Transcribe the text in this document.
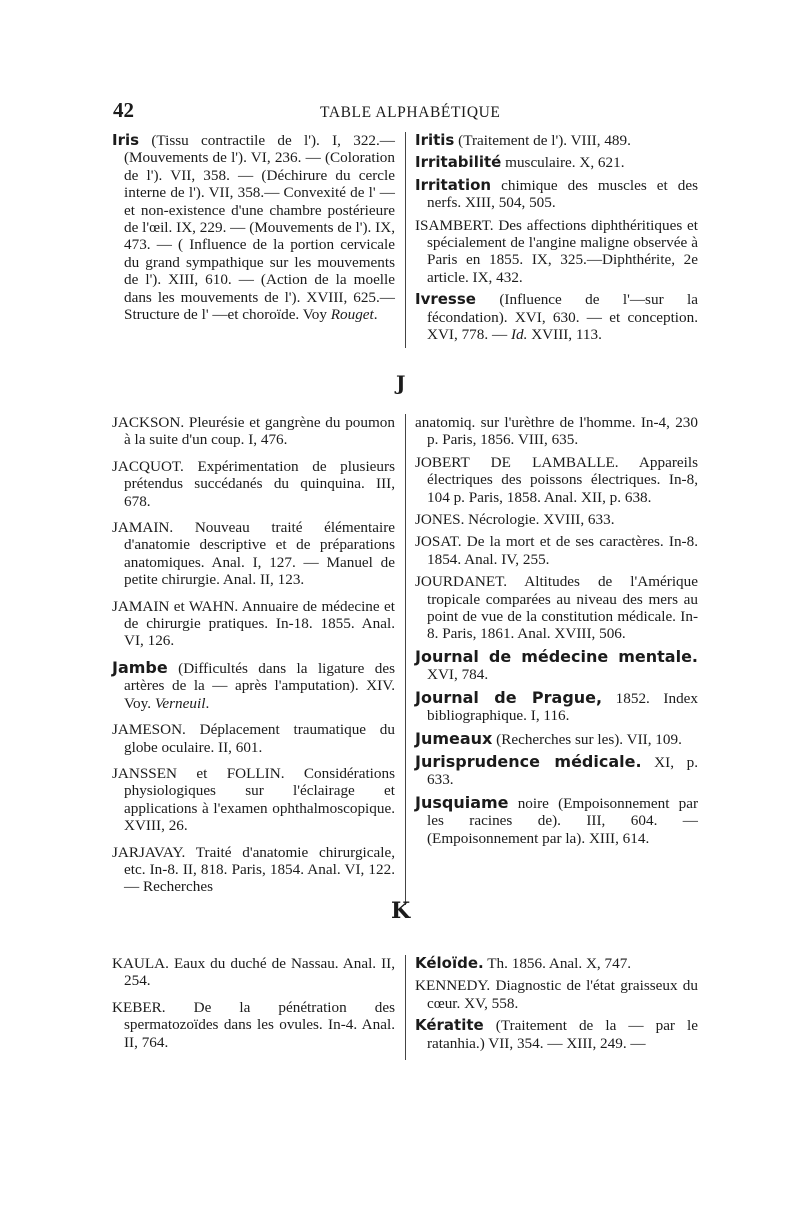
42	TABLE ALPHABÉTIQUE

Iris (Tissu contractile de l'). I, 322.— (Mouvements de l'). VI, 236. — (Coloration de l'). VII, 358. — (Déchirure du cercle interne de l'). VII, 358.— Convexité de l' — et non-existence d'une chambre postérieure de l'œil. IX, 229. — (Mouvements de l'). IX, 473. — ( Influence de la portion cervicale du grand sympathique sur les mouvements de l'). XIII, 610. — (Action de la moelle dans les mouvements de l'). XVIII, 625.— Structure de l' —et choroïde. Voy Rouget.

Iritis (Traitement de l'). VIII, 489.

Irritabilité musculaire. X, 621.

Irritation chimique des muscles et des nerfs. XIII, 504, 505.

ISAMBERT. Des affections diphthéritiques et spécialement de l'angine maligne observée à Paris en 1855. IX, 325.—Diphthérite, 2e article. IX, 432.

Ivresse (Influence de l'—sur la fécondation). XVI, 630. — et conception. XVI, 778. — Id. XVIII, 113.

J

JACKSON. Pleurésie et gangrène du poumon à la suite d'un coup. I, 476.

JACQUOT. Expérimentation de plusieurs prétendus succédanés du quinquina. III, 678.

JAMAIN. Nouveau traité élémentaire d'anatomie descriptive et de préparations anatomiques. Anal. I, 127. — Manuel de petite chirurgie. Anal. II, 123.

JAMAIN et WAHN. Annuaire de médecine et de chirurgie pratiques. In-18. 1855. Anal. VI, 126.

Jambe (Difficultés dans la ligature des artères de la — après l'amputation). XIV. Voy. Verneuil.

JAMESON. Déplacement traumatique du globe oculaire. II, 601.

JANSSEN et FOLLIN. Considérations physiologiques sur l'éclairage et applications à l'examen ophthalmoscopique. XVIII, 26.

JARJAVAY. Traité d'anatomie chirurgicale, etc. In-8. II, 818. Paris, 1854. Anal. VI, 122. — Recherches

anatomiq. sur l'urèthre de l'homme. In-4, 230 p. Paris, 1856. VIII, 635.

JOBERT DE LAMBALLE. Appareils électriques des poissons électriques. In-8, 104 p. Paris, 1858. Anal. XII, p. 638.

JONES. Nécrologie. XVIII, 633.

JOSAT. De la mort et de ses caractères. In-8. 1854. Anal. IV, 255.

JOURDANET. Altitudes de l'Amérique tropicale comparées au niveau des mers au point de vue de la constitution médicale. In-8. Paris, 1861. Anal. XVIII, 506.

Journal de médecine mentale. XVI, 784.

Journal de Prague, 1852. Index bibliographique. I, 116.

Jumeaux (Recherches sur les). VII, 109.

Jurisprudence médicale. XI, p. 633.

Jusquiame noire (Empoisonnement par les racines de). III, 604. — (Empoisonnement par la). XIII, 614.

K

KAULA. Eaux du duché de Nassau. Anal. II, 254.

KEBER. De la pénétration des spermatozoïdes dans les ovules. In-4. Anal. II, 764.

Kéloïde. Th. 1856. Anal. X, 747.

KENNEDY. Diagnostic de l'état graisseux du cœur. XV, 558.

Kératite (Traitement de la — par le ratanhia.) VII, 354. — XIII, 249. —
